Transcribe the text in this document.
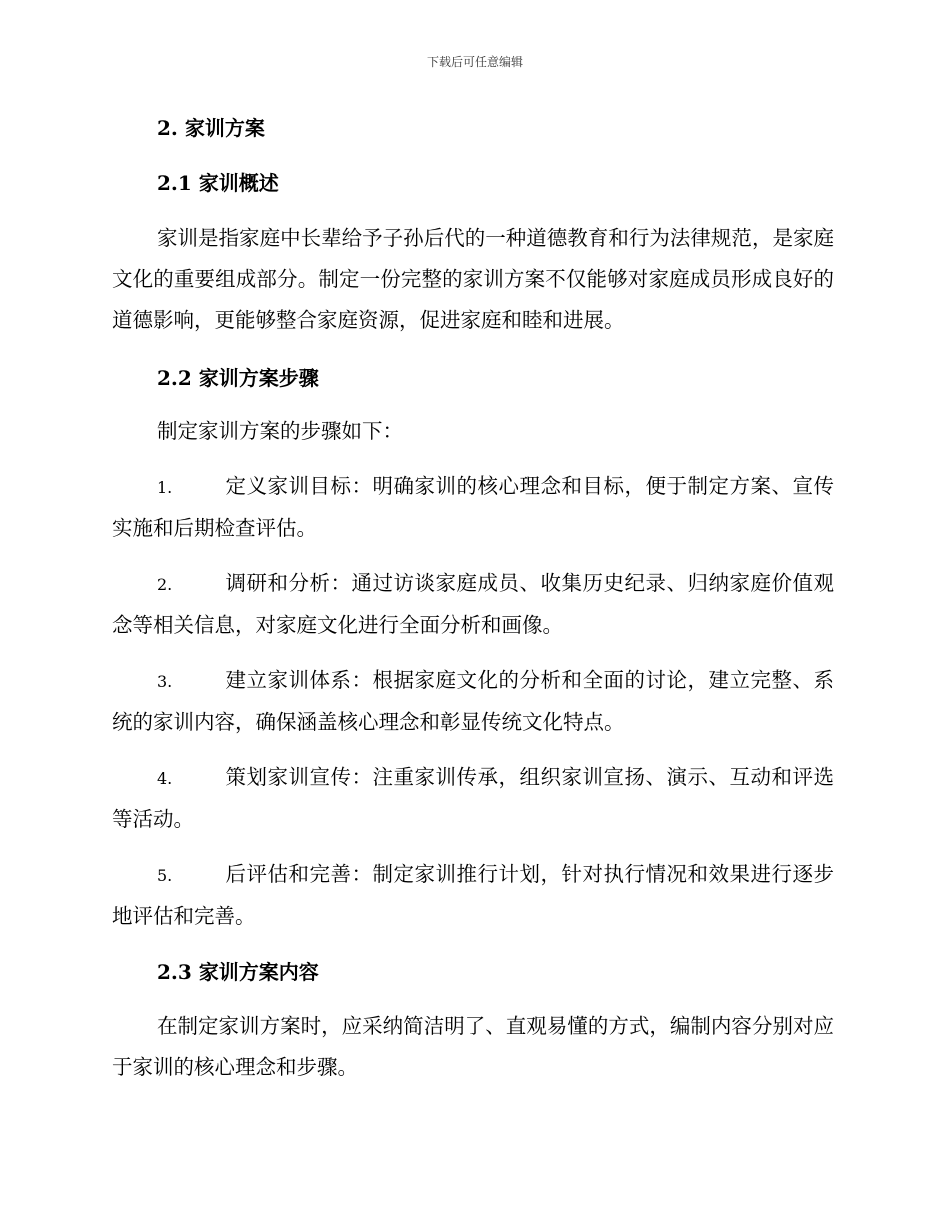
下载后可任意编辑
2. 家训方案
2.1 家训概述
家训是指家庭中长辈给予子孙后代的一种道德教育和行为法律规范，是家庭文化的重要组成部分。制定一份完整的家训方案不仅能够对家庭成员形成良好的道德影响，更能够整合家庭资源，促进家庭和睦和进展。
2.2 家训方案步骤
制定家训方案的步骤如下：
1.	定义家训目标：明确家训的核心理念和目标，便于制定方案、宣传实施和后期检查评估。
2.	调研和分析：通过访谈家庭成员、收集历史纪录、归纳家庭价值观念等相关信息，对家庭文化进行全面分析和画像。
3.	建立家训体系：根据家庭文化的分析和全面的讨论，建立完整、系统的家训内容，确保涵盖核心理念和彰显传统文化特点。
4.	策划家训宣传：注重家训传承，组织家训宣扬、演示、互动和评选等活动。
5.	后评估和完善：制定家训推行计划，针对执行情况和效果进行逐步地评估和完善。
2.3 家训方案内容
在制定家训方案时，应采纳简洁明了、直观易懂的方式，编制内容分别对应于家训的核心理念和步骤。
